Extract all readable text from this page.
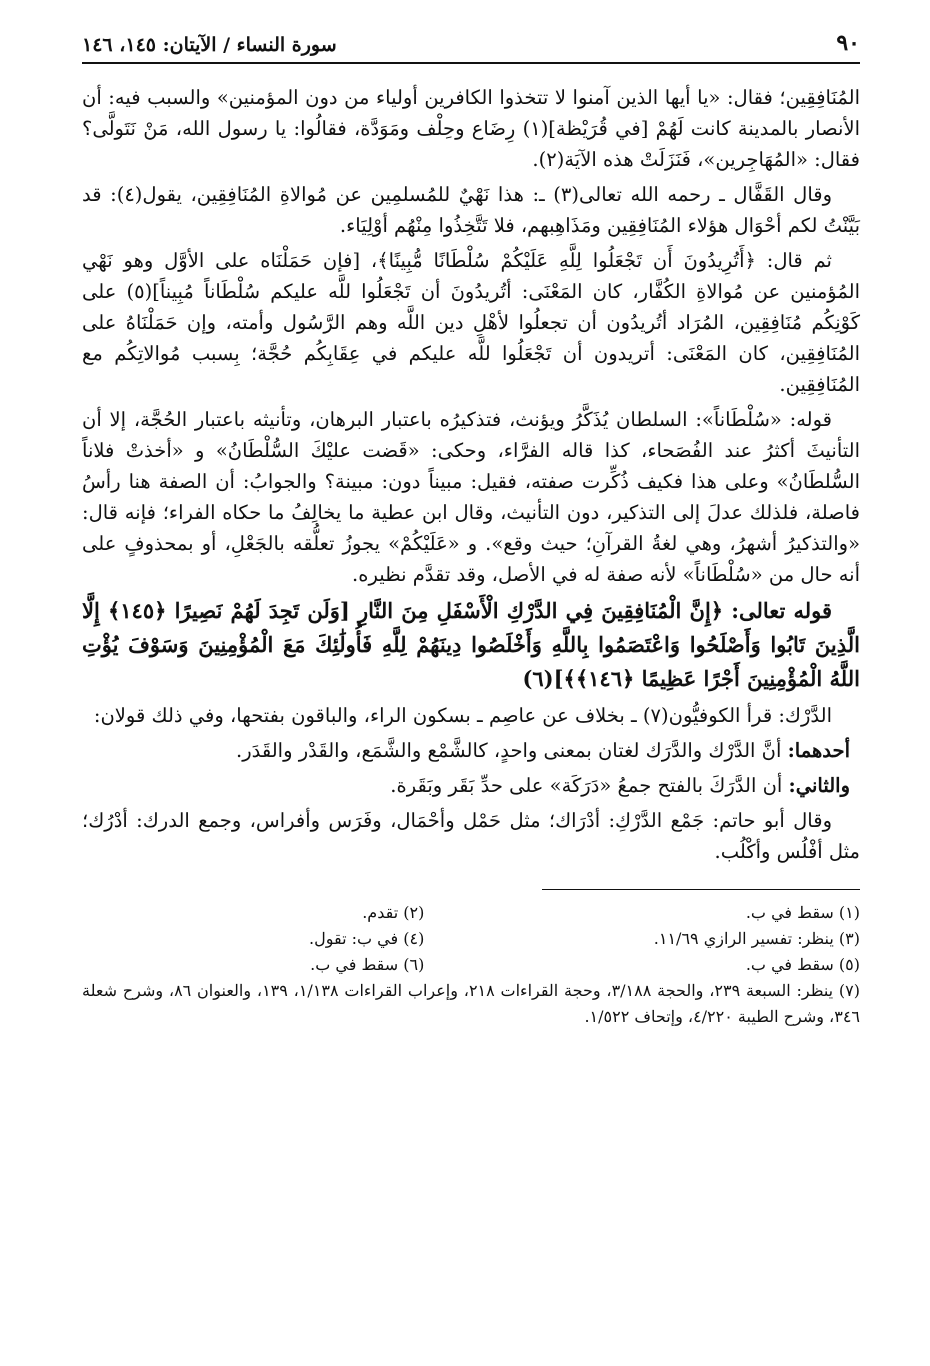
٩٠
سورة النساء / الآيتان: ١٤٥، ١٤٦

المُنَافِقِين؛ فقال: «يا أيها الذين آمنوا لا تتخذوا الكافرين أولياء من دون المؤمنين» والسبب فيه: أن الأنصار بالمدينة كانت لَهُمْ [في قُرَيْظة](١) رِضَاع وحِلْف ومَوَدَّة، فقالُوا: يا رسول الله، مَنْ نَتَولَّى؟ فقال: «المُهَاجِرين»، فَنَزَلَتْ هذه الآيَة(٢).

وقال القَفَّال ـ رحمه الله تعالى(٣) ـ: هذا نَهْيٌ للمُسلمِين عن مُوالاةِ المُنَافِقِين، يقول(٤): قد بَيَّنْتُ لكم أحْوَال هؤلاء المُنَافِقِين ومَذَاهِبهم، فلا تَتَّخِذُوا مِنْهُم أوْلِيَاء.

ثم قال: ﴿أَتُرِيدُونَ أَن تَجْعَلُوا لِلَّهِ عَلَيْكُمْ سُلْطَانًا مُّبِينًا﴾، [فإن حَمَلْنَاه على الأوَّل وهو نَهْي المُؤمنين عن مُوالاةِ الكُفَّار، كان المَعْنَى: أتُريدُونَ أن تَجْعَلُوا للَّه عليكم سُلْطَاناً مُبِيناً](٥) على كَوْنِكُم مُنَافِقِين، المُرَاد أتُريدُون أن تجعلُوا لأهْلِ دين اللَّه وهم الرَّسُول وأمته، وإن حَمَلْنَاهُ على المُنَافِقِين، كان المَعْنَى: أتريدون أن تَجْعَلُوا للَّه عليكم في عِقَابِكُم حُجَّة؛ بِسبب مُوالاتِكُم مع المُنَافِقِين.

قوله: «سُلْطَاناً»: السلطان يُذَكَّرُ ويؤنث، فتذكيرُه باعتبار البرهان، وتأنيثه باعتبار الحُجَّة، إلا أن التأنيثَ أكثرُ عند الفُصَحاء، كذا قاله الفرَّاء، وحكى: «قَضت عليْكَ السُّلْطَانُ» و «أخذتْ فلاناً السُّلطَانُ» وعلى هذا فكيف ذُكِّرت صفته، فقيل: مبيناً دون: مبينة؟ والجوابُ: أن الصفة هنا رأسُ فاصلة، فلذلك عدلَ إلى التذكير، دون التأنيث، وقال ابن عطية ما يخالِفُ ما حكاه الفراء؛ فإنه قال: «والتذكيرُ أشهرُ، وهي لغةُ القرآنِ؛ حيث وقع». و «عَلَيْكُمْ» يجوزُ تعلُّقه بالجَعْلِ، أو بمحذوفٍ على أنه حال من «سُلْطَاناً» لأنه صفة له في الأصل، وقد تقدَّم نظيره.

قوله تعالى: ﴿إِنَّ الْمُنَافِقِينَ فِي الدَّرْكِ الْأَسْفَلِ مِنَ النَّارِ [وَلَن تَجِدَ لَهُمْ نَصِيرًا ﴿١٤٥﴾ إِلَّا الَّذِينَ تَابُوا وَأَصْلَحُوا وَاعْتَصَمُوا بِاللَّهِ وَأَخْلَصُوا دِينَهُمْ لِلَّهِ فَأُولَٰئِكَ مَعَ الْمُؤْمِنِينَ وَسَوْفَ يُؤْتِ اللَّهُ الْمُؤْمِنِينَ أَجْرًا عَظِيمًا ﴿١٤٦﴾﴾](٦)

الدَّرْك: قرأ الكوفيُّون(٧) ـ بخلاف عن عاصِم ـ بسكون الراء، والباقون بفتحها، وفي ذلك قولان:

أحدهما: أنَّ الدَّرْك والدَّرَك لغتان بمعنى واحدٍ، كالشَّمْع والشَّمَع، والقَدْر والقَدَر.

والثاني: أن الدَّرَكَ بالفتح جمعُ «دَرَكَة» على حدِّ بَقَر وبَقَرة.

وقال أبو حاتم: جَمْع الدَّرْكِ: أدْرَاك؛ مثل حَمْل وأحْمَال، وفَرَس وأفراس، وجمع الدرك: أدْرُك؛ مثل أفْلُس وأكْلُب.

(١) سقط في ب.
(٢) تقدم.
(٣) ينظر: تفسير الرازي ١١/٦٩.
(٤) في ب: تقول.
(٥) سقط في ب.
(٦) سقط في ب.
(٧) ينظر: السبعة ٢٣٩، والحجة ٣/١٨٨، وحجة القراءات ٢١٨، وإعراب القراءات ١/١٣٨، ١٣٩، والعنوان ٨٦، وشرح شعلة ٣٤٦، وشرح الطيبة ٤/٢٢٠، وإتحاف ١/٥٢٢.
